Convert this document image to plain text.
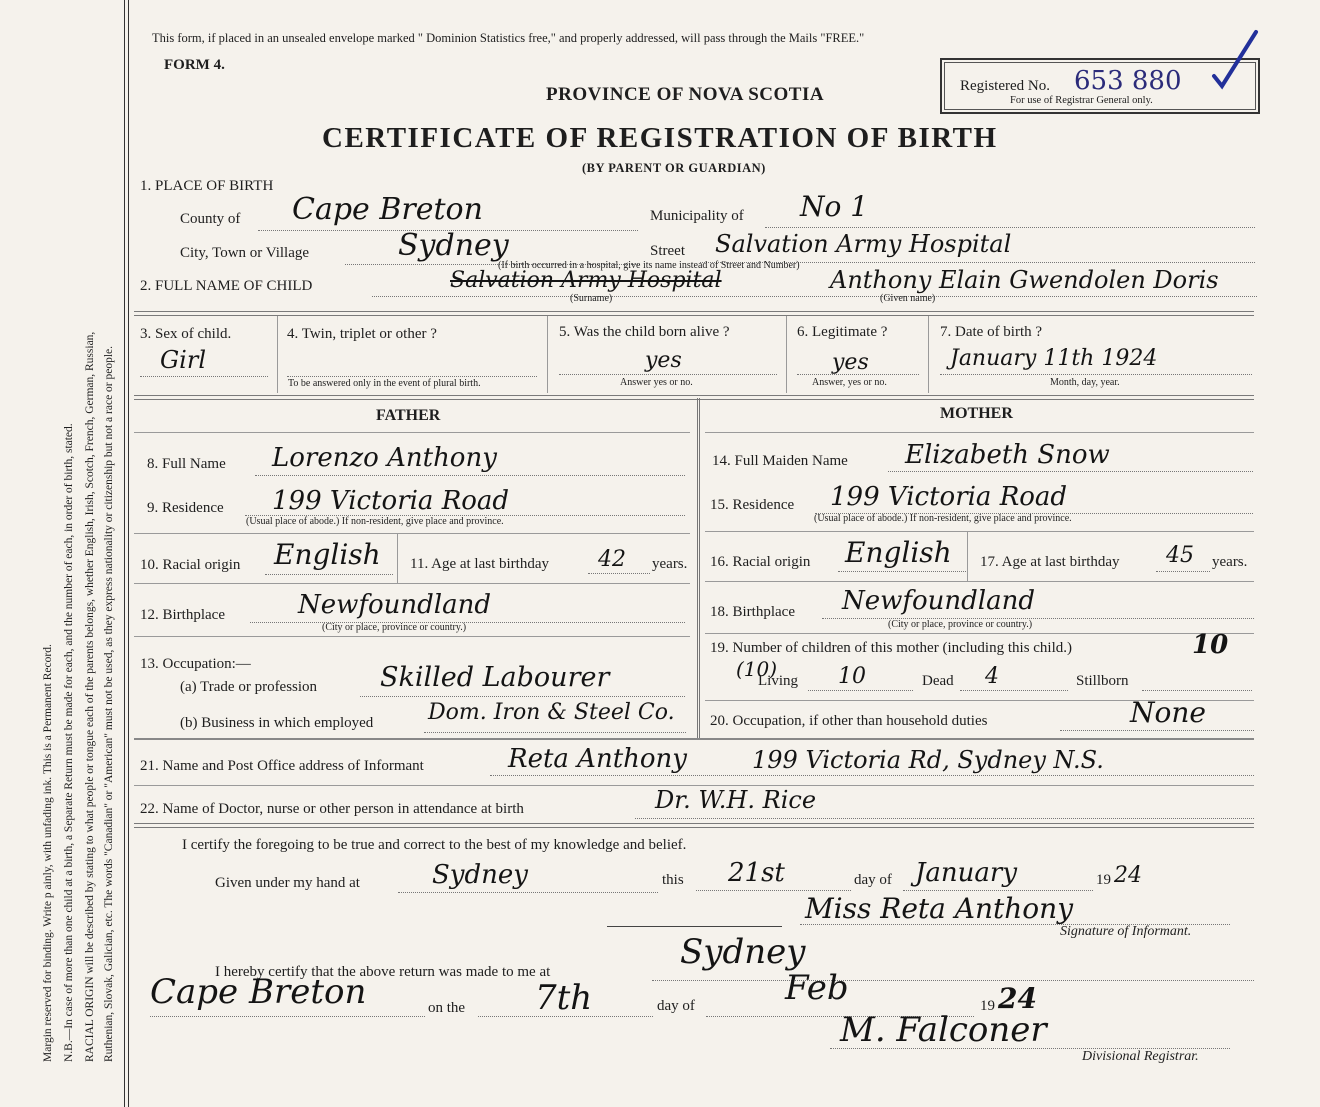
Margin reserved for binding. Write p ainly, with unfading ink. This is a Permanent Record. N.B.—In case of more than one child at a birth, a Separate Return must be made for each, and the number of each, in order of birth, stated. RACIAL ORIGIN will be described by stating to what people or tongue each of the parents belongs, whether English, Irish, Scotch, French, German, Russian, Ruthenian, Slovak, Galician, etc. The words "Canadian" or "American" must not be used, as they express nationality or citizenship but not a race or people.
This form, if placed in an unsealed envelope marked " Dominion Statistics free," and properly addressed, will pass through the Mails "FREE."
FORM 4.
PROVINCE OF NOVA SCOTIA
CERTIFICATE OF REGISTRATION OF BIRTH
(BY PARENT OR GUARDIAN)
Registered No. 653 880
For use of Registrar General only.
1. PLACE OF BIRTH
County of Cape Breton	Municipality of No 1
City, Town or Village	Sydney	Street Salvation Army Hospital
(If birth occurred in a hospital, give its name instead of Street and Number)
2. FULL NAME OF CHILD	Salvation Army Hospital
(Surname)
Anthony Elain Gwendolen Doris
(Given name)
3. Sex of child.
Girl
4. Twin, triplet or other ?
To be answered only in the event of plural birth.
5. Was the child born alive ?
yes
Answer yes or no.
6. Legitimate ?
yes
Answer, yes or no.
7. Date of birth ?
January 11th 1924
Month, day, year.
FATHER	MOTHER
8. Full Name Lorenzo Anthony
9. Residence 199 Victoria Road
(Usual place of abode.) If non-resident, give place and province.
10. Racial origin English 11. Age at last birthday 42 years.
12. Birthplace	Newfoundland
(City or place, province or country.)
13. Occupation:—
(a) Trade or profession Skilled Labourer
(b) Business in which employed Dom. Iron & Steel Co.
14. Full Maiden Name Elizabeth Snow
15. Residence 199 Victoria Road
(Usual place of abode.) If non-resident, give place and province.
16. Racial origin English 17. Age at last birthday 45 years.
18. Birthplace Newfoundland
(City or place, province or country.)
19. Number of children of this mother (including this child.)	10
(10)
Living 10	Dead 4	Stillborn
20. Occupation, if other than household duties	None
21. Name and Post Office address of Informant	Reta Anthony	199 Victoria Rd, Sydney N.S.
22. Name of Doctor, nurse or other person in attendance at birth	Dr. W.H. Rice
I certify the foregoing to be true and correct to the best of my knowledge and belief.
Given under my hand at	Sydney	this 21st	day of January	19 24
Miss Reta Anthony
Signature of Informant.
I hereby certify that the above return was made to me at	Sydney
Cape Breton	on the 7th	day of	Feb	19 24
M. Falconer
Divisional Registrar.
